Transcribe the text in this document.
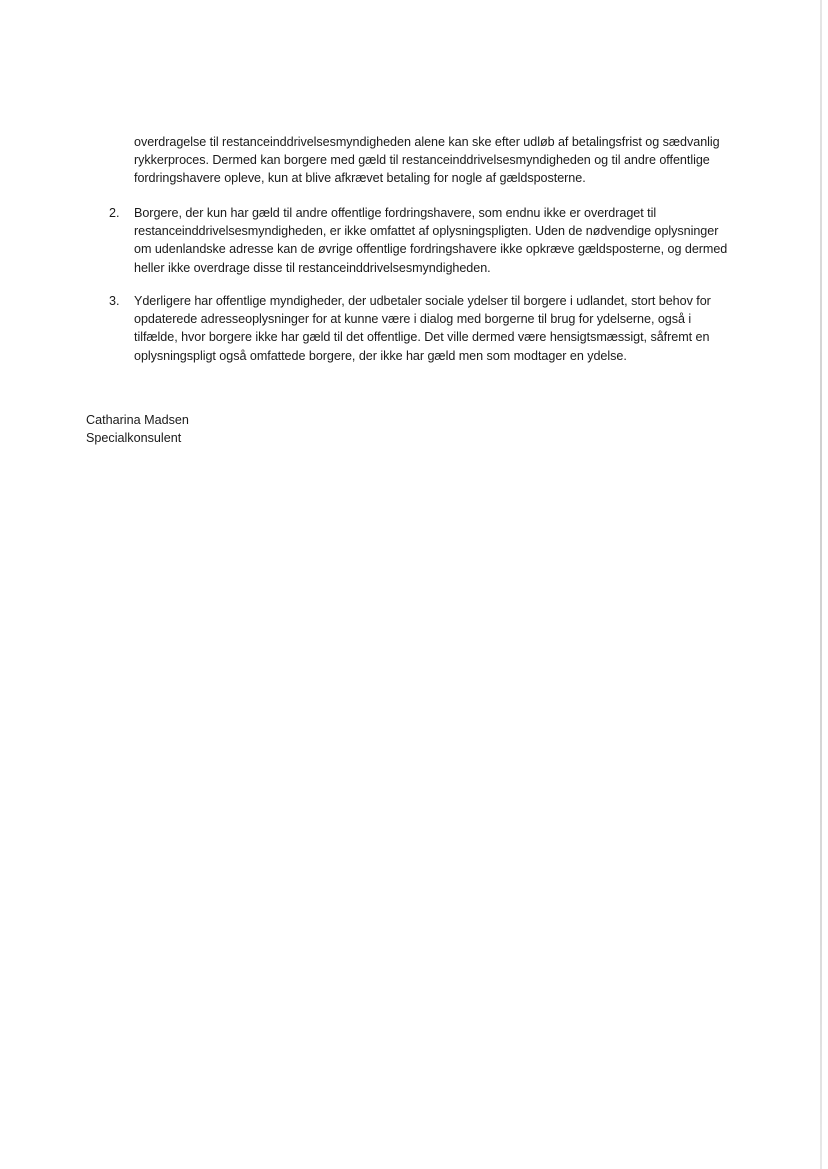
overdragelse til restanceinddrivelsesmyndigheden alene kan ske efter udløb af betalingsfrist og sædvanlig rykkerproces. Dermed kan borgere med gæld til restanceinddrivelsesmyndigheden og til andre offentlige fordringshavere opleve, kun at blive afkrævet betaling for nogle af gældsposterne.

2.	Borgere, der kun har gæld til andre offentlige fordringshavere, som endnu ikke er overdraget til restanceinddrivelsesmyndigheden, er ikke omfattet af oplysningspligten. Uden de nødvendige oplysninger om udenlandske adresse kan de øvrige offentlige fordringshavere ikke opkræve gældsposterne, og dermed heller ikke overdrage disse til restanceinddrivelsesmyndigheden.

3.	Yderligere har offentlige myndigheder, der udbetaler sociale ydelser til borgere i udlandet, stort behov for opdaterede adresseoplysninger for at kunne være i dialog med borgerne til brug for ydelserne, også i tilfælde, hvor borgere ikke har gæld til det offentlige. Det ville dermed være hensigtsmæssigt, såfremt en oplysningspligt også omfattede borgere, der ikke har gæld men som modtager en ydelse.

Catharina Madsen
Specialkonsulent
